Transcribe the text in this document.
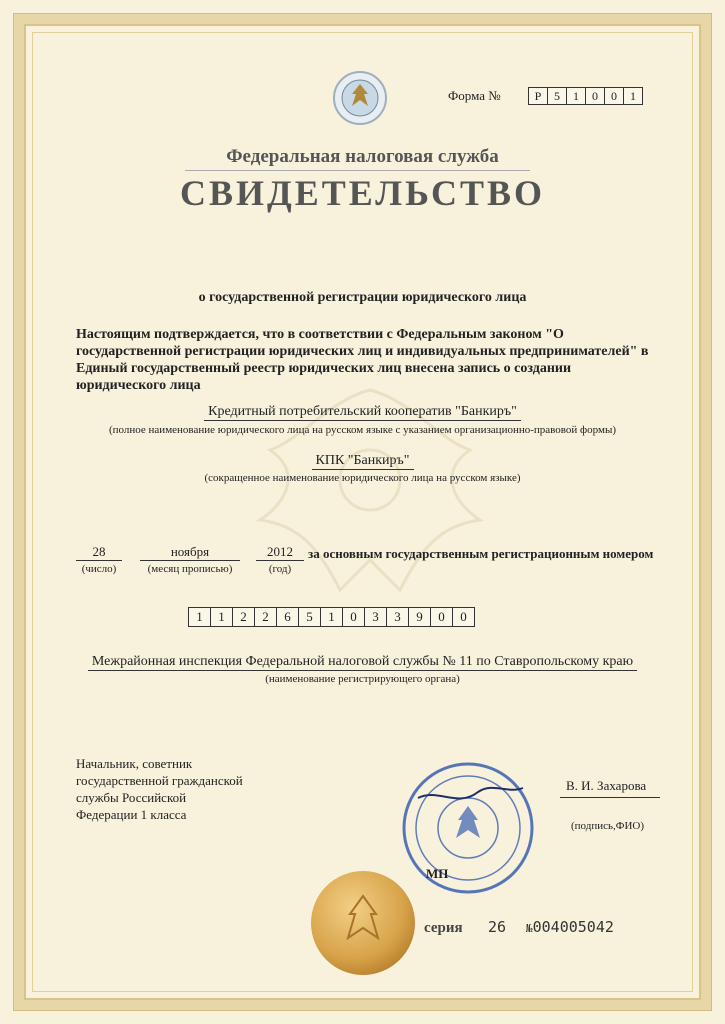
Форма №	Р	5	1	0	0	1
Федеральная налоговая служба
СВИДЕТЕЛЬСТВО
о государственной регистрации юридического лица
Настоящим подтверждается, что в соответствии с Федеральным законом "О государственной регистрации юридических лиц и индивидуальных предпринимателей" в Единый государственный реестр юридических лиц внесена запись о создании юридического лица
Кредитный потребительский кооператив "Банкиръ"
(полное наименование юридического лица на русском языке с указанием организационно-правовой формы)
КПК "Банкиръ"
(сокращенное наименование юридического лица на русском языке)
28
(число)
ноября
(месяц прописью)
2012
(год)
за основным государственным регистрационным номером
1	1	2	2	6	5	1	0	3	3	9	0	0
Межрайонная инспекция Федеральной налоговой службы № 11 по Ставропольскому краю
(наименование регистрирующего органа)
Начальник, советник
государственной гражданской
службы Российской
Федерации 1 класса
В. И. Захарова
(подпись,ФИО)
МП
серия 26 №004005042
